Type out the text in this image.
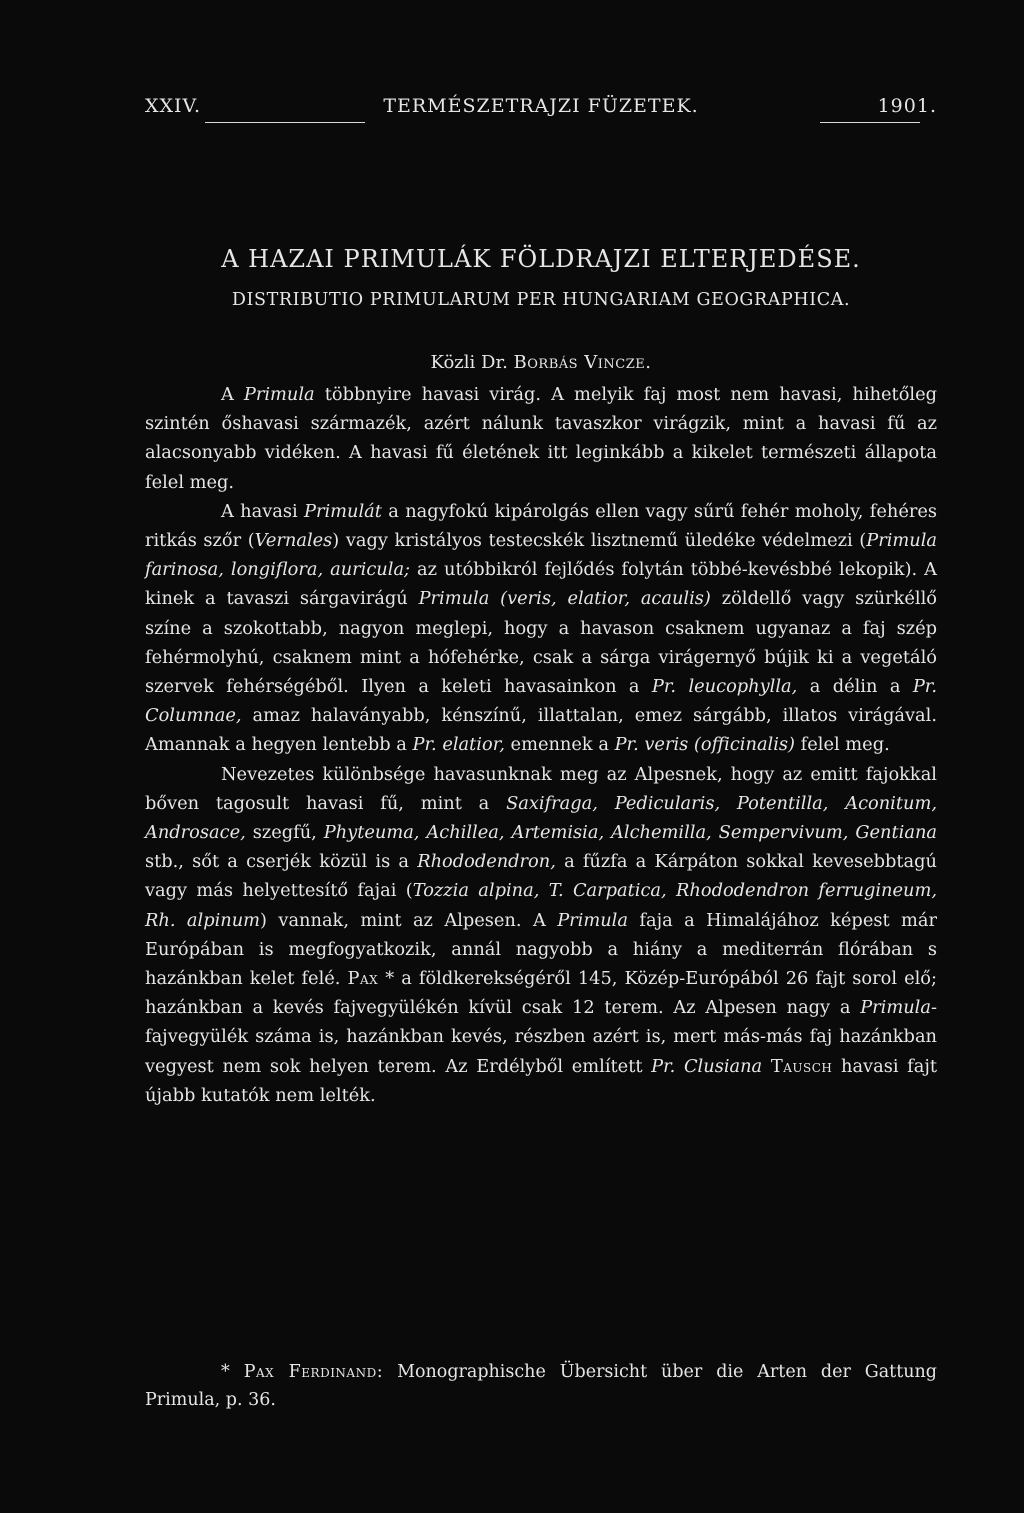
XXIV.	TERMÉSZETRAJZI FÜZETEK.	1901.
A HAZAI PRIMULÁK FÖLDRAJZI ELTERJEDÉSE.
DISTRIBUTIO PRIMULARUM PER HUNGARIAM GEOGRAPHICA.
Közli Dr. Borbás Vincze.

A Primula többnyire havasi virág. A melyik faj most nem havasi, hihetőleg szintén őshavasi származék, azért nálunk tavaszkor virágzik, mint a havasi fű az alacsonyabb vidéken. A havasi fű életének itt leginkább a kikelet természeti állapota felel meg.

A havasi Primulát a nagyfokú kipárolgás ellen vagy sűrű fehér moholy, fehéres ritkás szőr (Vernales) vagy kristályos testecskék lisztnemű üledéke védelmezi (Primula farinosa, longiflora, auricula; az utóbbikról fejlődés folytán többé-kevésbbé lekopik). A kinek a tavaszi sárgavirágú Primula (veris, elatior, acaulis) zöldellő vagy szürkéllő színe a szokottabb, nagyon meglepi, hogy a havason csaknem ugyanaz a faj szép fehérmolyhú, csaknem mint a hófehérke, csak a sárga virágernyő bújik ki a vegetáló szervek fehérségéből. Ilyen a keleti havasainkon a Pr. leucophylla, a délin a Pr. Columnae, amaz halaványabb, kénszínű, illattalan, emez sárgább, illatos virágával. Amannak a hegyen lentebb a Pr. elatior, emennek a Pr. veris (officinalis) felel meg.

Nevezetes különbsége havasunknak meg az Alpesnek, hogy az emitt fajokkal bőven tagosult havasi fű, mint a Saxifraga, Pedicularis, Potentilla, Aconitum, Androsace, szegfű, Phyteuma, Achillea, Artemisia, Alchemilla, Sempervivum, Gentiana stb., sőt a cserjék közül is a Rhododendron, a fűzfa a Kárpáton sokkal kevesebbtagú vagy más helyettesítő fajai (Tozzia alpina, T. Carpatica, Rhododendron ferrugineum, Rh. alpinum) vannak, mint az Alpesen. A Primula faja a Himalájához képest már Európában is megfogyatkozik, annál nagyobb a hiány a mediterrán flórában s hazánkban kelet felé. Pax * a földkerekségéről 145, Közép-Európából 26 fajt sorol elő; hazánkban a kevés fajvegyülékén kívül csak 12 terem. Az Alpesen nagy a Primula-fajvegyülék száma is, hazánkban kevés, részben azért is, mert más-más faj hazánkban vegyest nem sok helyen terem. Az Erdélyből említett Pr. Clusiana Tausch havasi fajt újabb kutatók nem lelték.

* Pax Ferdinand: Monographische Übersicht über die Arten der Gattung Primula, p. 36.
